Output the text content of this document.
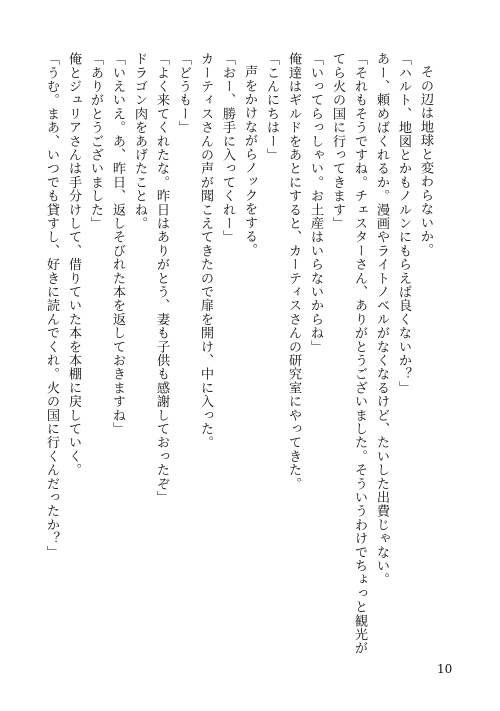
その辺は地球と変わらないか。
「ハルト、地図とかもノルンにもらえば良くないか？」
あー、頼めばくれるか。漫画やライトノベルがなくなるけど、たいした出費じゃない。
「それもそうですね。チェスターさん、ありがとうございました。そういうわけでちょっと観光が
てら火の国に行ってきます」
「いってらっしゃい。お土産はいらないからね」
俺達はギルドをあとにすると、カーティスさんの研究室にやってきた。
「こんにちはー」
声をかけながらノックをする。
「おー、勝手に入ってくれー」
カーティスさんの声が聞こえてきたので扉を開け、中に入った。
「どうもー」
「よく来てくれたな。昨日はありがとう、妻も子供も感謝しておったぞ」
ドラゴン肉をあげたことね。
「いえいえ。あ、昨日、返しそびれた本を返しておきますね」
「ありがとうございました」
俺とジュリアさんは手分けして、借りていた本を本棚に戻していく。
「うむ。まあ、いつでも貸すし、好きに読んでくれ。火の国に行くんだったか？」
10
